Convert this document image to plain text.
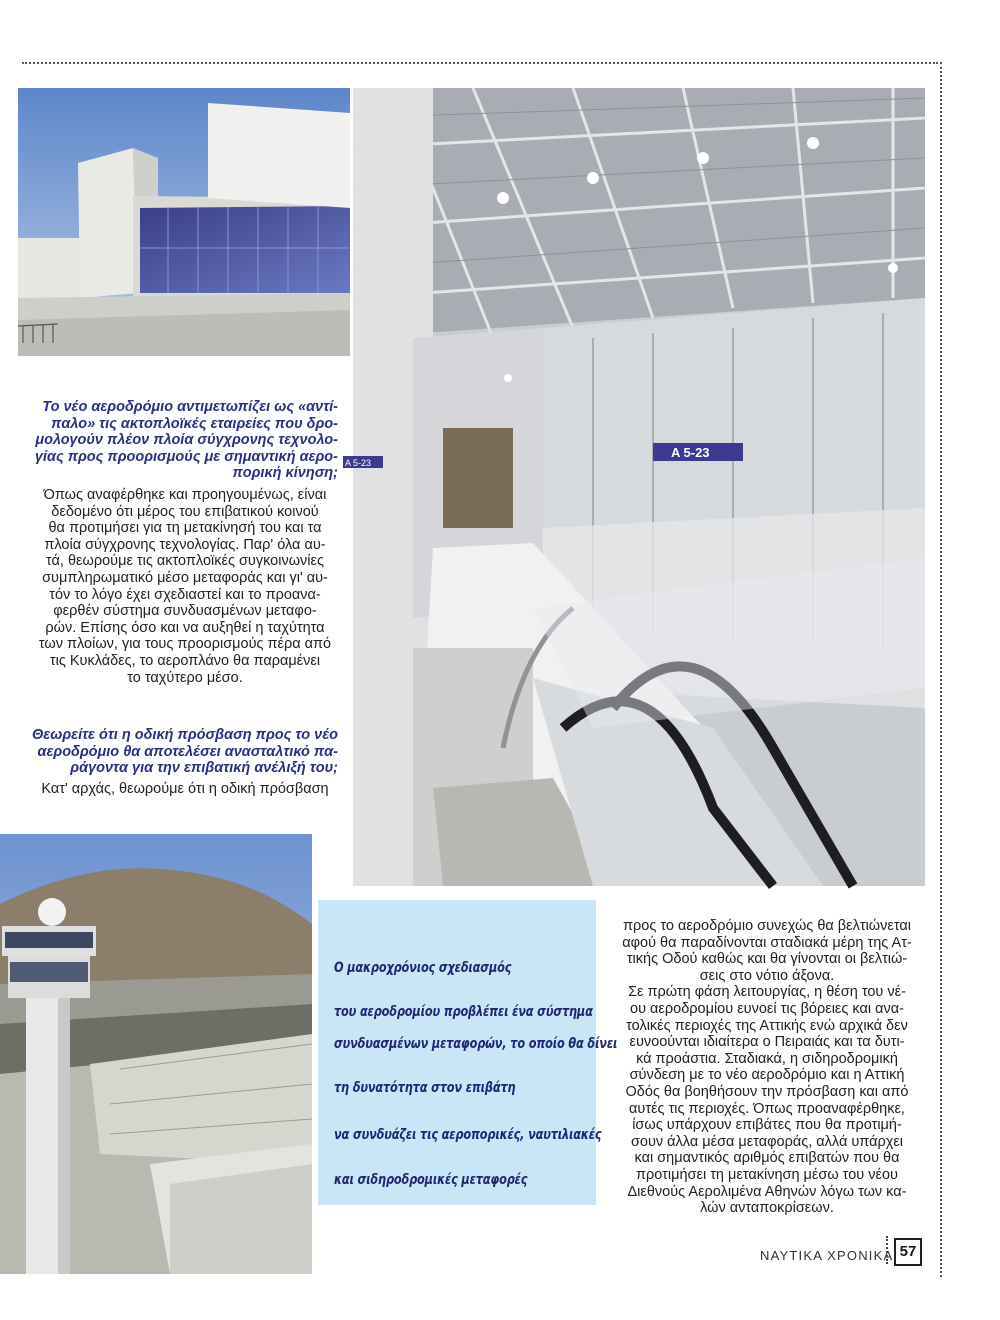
A 5-23
A 5-23
Το νέο αεροδρόμιο αντιμετωπίζει ως «αντί-
παλο» τις ακτοπλοϊκές εταιρείες που δρο-
μολογούν πλέον πλοία σύγχρονης τεχνολο-
γίας προς προορισμούς με σημαντική αερο-
πορική κίνηση;
Όπως αναφέρθηκε και προηγουμένως, είναι
δεδομένο ότι μέρος του επιβατικού κοινού
θα προτιμήσει για τη μετακίνησή του και τα
πλοία σύγχρονης τεχνολογίας. Παρ' όλα αυ-
τά, θεωρούμε τις ακτοπλοϊκές συγκοινωνίες
συμπληρωματικό μέσο μεταφοράς και γι' αυ-
τόν το λόγο έχει σχεδιαστεί και το προανα-
φερθέν σύστημα συνδυασμένων μεταφο-
ρών. Επίσης όσο και να αυξηθεί η ταχύτητα
των πλοίων, για τους προορισμούς πέρα από
τις Κυκλάδες, το αεροπλάνο θα παραμένει
το ταχύτερο μέσο.
Θεωρείτε ότι η οδική πρόσβαση προς το νέο
αεροδρόμιο θα αποτελέσει ανασταλτικό πα-
ράγοντα για την επιβατική ανέλιξή του;
Κατ' αρχάς, θεωρούμε ότι η οδική πρόσβαση
Ο μακροχρόνιος σχεδιασμός
του αεροδρομίου προβλέπει ένα σύστημα
συνδυασμένων μεταφορών, το οποίο θα δίνει
τη δυνατότητα στον επιβάτη
να συνδυάζει τις αεροπορικές, ναυτιλιακές
και σιδηροδρομικές μεταφορές
προς το αεροδρόμιο συνεχώς θα βελτιώνεται
αφού θα παραδίνονται σταδιακά μέρη της Ατ-
τικής Οδού καθώς και θα γίνονται οι βελτιώ-
σεις στο νότιο άξονα.
Σε πρώτη φάση λειτουργίας, η θέση του νέ-
ου αεροδρομίου ευνοεί τις βόρειες και ανα-
τολικές περιοχές της Αττικής ενώ αρχικά δεν
ευνοούνται ιδιαίτερα ο Πειραιάς και τα δυτι-
κά προάστια. Σταδιακά, η σιδηροδρομική
σύνδεση με το νέο αεροδρόμιο και η Αττική
Οδός θα βοηθήσουν την πρόσβαση και από
αυτές τις περιοχές. Όπως προαναφέρθηκε,
ίσως υπάρχουν επιβάτες που θα προτιμή-
σουν άλλα μέσα μεταφοράς, αλλά υπάρχει
και σημαντικός αριθμός επιβατών που θα
προτιμήσει τη μετακίνηση μέσω του νέου
Διεθνούς Αερολιμένα Αθηνών λόγω των κα-
λών ανταποκρίσεων.
ΝΑΥΤΙΚΑ ΧΡΟΝΙΚΑ 57
